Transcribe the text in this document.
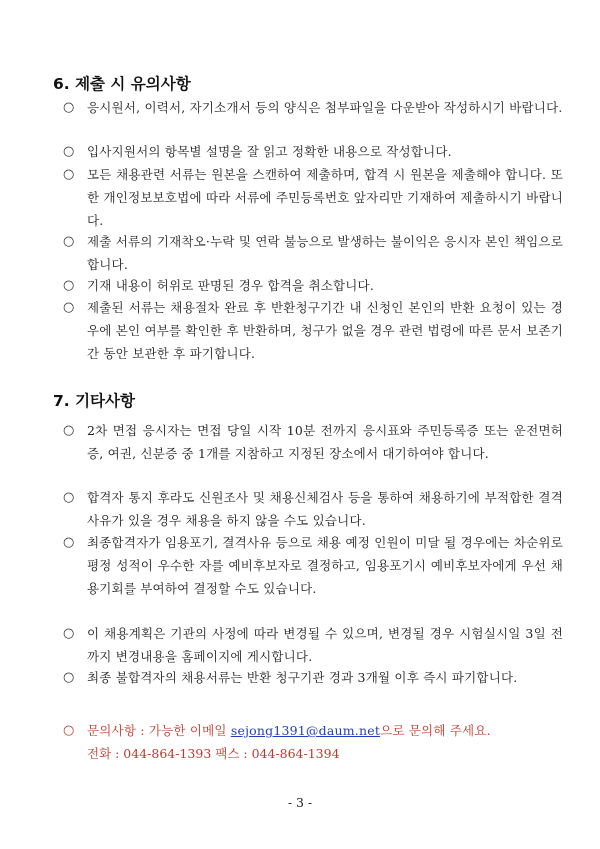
6. 제출 시 유의사항
○ 응시원서, 이력서, 자기소개서 등의 양식은 첨부파일을 다운받아 작성하시기 바랍니다.
○ 입사지원서의 항목별 설명을 잘 읽고 정확한 내용으로 작성합니다.
○ 모든 채용관련 서류는 원본을 스캔하여 제출하며, 합격 시 원본을 제출해야 합니다. 또한 개인정보보호법에 따라 서류에 주민등록번호 앞자리만 기재하여 제출하시기 바랍니다.
○ 제출 서류의 기재착오·누락 및 연락 불능으로 발생하는 불이익은 응시자 본인 책임으로 합니다.
○ 기재 내용이 허위로 판명된 경우 합격을 취소합니다.
○ 제출된 서류는 채용절차 완료 후 반환청구기간 내 신청인 본인의 반환 요청이 있는 경우에 본인 여부를 확인한 후 반환하며, 청구가 없을 경우 관련 법령에 따른 문서 보존기간 동안 보관한 후 파기합니다.
7. 기타사항
○ 2차 면접 응시자는 면접 당일 시작 10분 전까지 응시표와 주민등록증 또는 운전면허증, 여권, 신분증 중 1개를 지참하고 지정된 장소에서 대기하여야 합니다.
○ 합격자 통지 후라도 신원조사 및 채용신체검사 등을 통하여 채용하기에 부적합한 결격사유가 있을 경우 채용을 하지 않을 수도 있습니다.
○ 최종합격자가 임용포기, 결격사유 등으로 채용 예정 인원이 미달 될 경우에는 차순위로 평정 성적이 우수한 자를 예비후보자로 결정하고, 임용포기시 예비후보자에게 우선 채용기회를 부여하여 결정할 수도 있습니다.
○ 이 채용계획은 기관의 사정에 따라 변경될 수 있으며, 변경될 경우 시험실시일 3일 전까지 변경내용을 홈페이지에 게시합니다.
○ 최종 불합격자의 채용서류는 반환 청구기관 경과 3개월 이후 즉시 파기합니다.
○ 문의사항 : 가능한 이메일 sejong1391@daum.net으로 문의해 주세요.
전화 : 044-864-1393 팩스 : 044-864-1394
- 3 -
